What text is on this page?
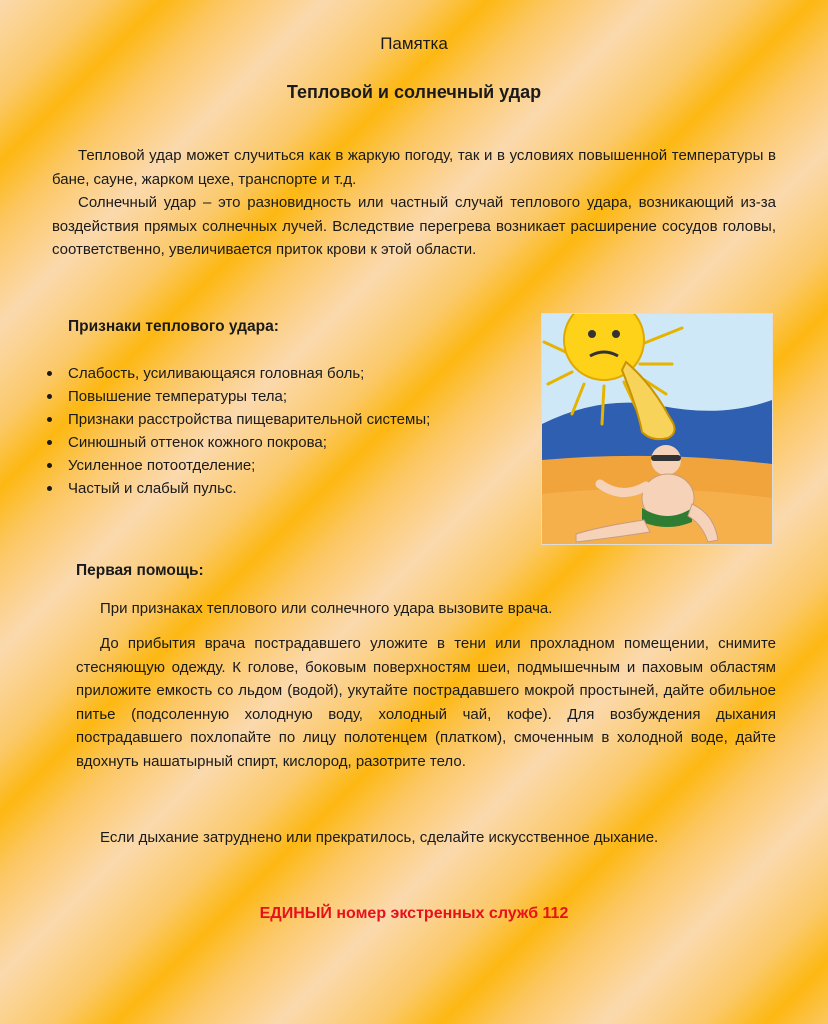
Памятка
Тепловой и солнечный удар

Тепловой удар может случиться как в жаркую погоду, так и в условиях повышенной температуры в бане, сауне, жарком цехе, транспорте и т.д.

Солнечный удар – это разновидность или частный случай теплового удара, возникающий из-за воздействия прямых солнечных лучей. Вследствие перегрева возникает расширение сосудов головы, соответственно, увеличивается приток крови к этой области.

Признаки теплового удара:
Слабость, усиливающаяся головная боль;
Повышение температуры тела;
Признаки расстройства пищеварительной системы;
Синюшный оттенок кожного покрова;
Усиленное потоотделение;
Частый и слабый пульс.
Первая помощь:

При признаках теплового или солнечного удара вызовите врача.

До прибытия врача пострадавшего уложите в тени или прохладном помещении, снимите стесняющую одежду. К голове, боковым поверхностям шеи, подмышечным и паховым областям приложите емкость со льдом (водой), укутайте пострадавшего мокрой простыней, дайте обильное питье (подсоленную холодную воду, холодный чай, кофе). Для возбуждения дыхания пострадавшего похлопайте по лицу полотенцем (платком), смоченным в холодной воде, дайте вдохнуть нашатырный спирт, кислород, разотрите тело.

Если дыхание затруднено или прекратилось, сделайте искусственное дыхание.

ЕДИНЫЙ номер экстренных служб 112
